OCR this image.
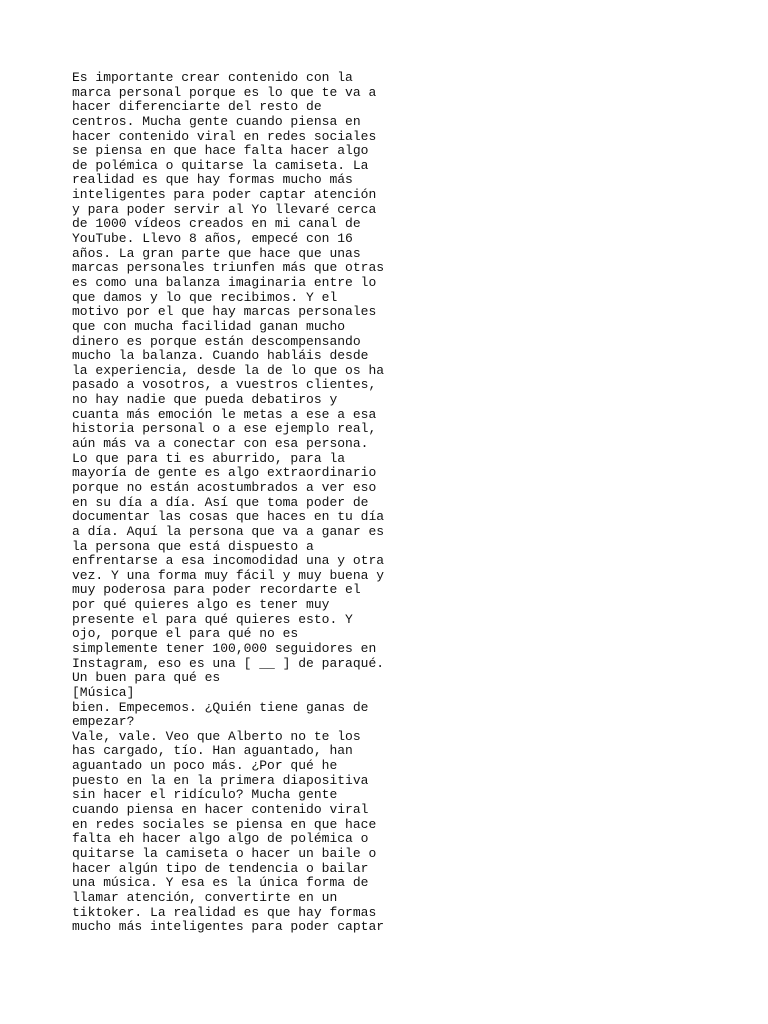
Es importante crear contenido con la
marca personal porque es lo que te va a
hacer diferenciarte del resto de
centros. Mucha gente cuando piensa en
hacer contenido viral en redes sociales
se piensa en que hace falta hacer algo
de polémica o quitarse la camiseta. La
realidad es que hay formas mucho más
inteligentes para poder captar atención
y para poder servir al Yo llevaré cerca
de 1000 vídeos creados en mi canal de
YouTube. Llevo 8 años, empecé con 16
años. La gran parte que hace que unas
marcas personales triunfen más que otras
es como una balanza imaginaria entre lo
que damos y lo que recibimos. Y el
motivo por el que hay marcas personales
que con mucha facilidad ganan mucho
dinero es porque están descompensando
mucho la balanza. Cuando habláis desde
la experiencia, desde la de lo que os ha
pasado a vosotros, a vuestros clientes,
no hay nadie que pueda debatiros y
cuanta más emoción le metas a ese a esa
historia personal o a ese ejemplo real,
aún más va a conectar con esa persona.
Lo que para ti es aburrido, para la
mayoría de gente es algo extraordinario
porque no están acostumbrados a ver eso
en su día a día. Así que toma poder de
documentar las cosas que haces en tu día
a día. Aquí la persona que va a ganar es
la persona que está dispuesto a
enfrentarse a esa incomodidad una y otra
vez. Y una forma muy fácil y muy buena y
muy poderosa para poder recordarte el
por qué quieres algo es tener muy
presente el para qué quieres esto. Y
ojo, porque el para qué no es
simplemente tener 100,000 seguidores en
Instagram, eso es una [ __ ] de paraqué.
Un buen para qué es
[Música]
bien. Empecemos. ¿Quién tiene ganas de
empezar?
Vale, vale. Veo que Alberto no te los
has cargado, tío. Han aguantado, han
aguantado un poco más. ¿Por qué he
puesto en la en la primera diapositiva
sin hacer el ridículo? Mucha gente
cuando piensa en hacer contenido viral
en redes sociales se piensa en que hace
falta eh hacer algo algo de polémica o
quitarse la camiseta o hacer un baile o
hacer algún tipo de tendencia o bailar
una música. Y esa es la única forma de
llamar atención, convertirte en un
tiktoker. La realidad es que hay formas
mucho más inteligentes para poder captar
